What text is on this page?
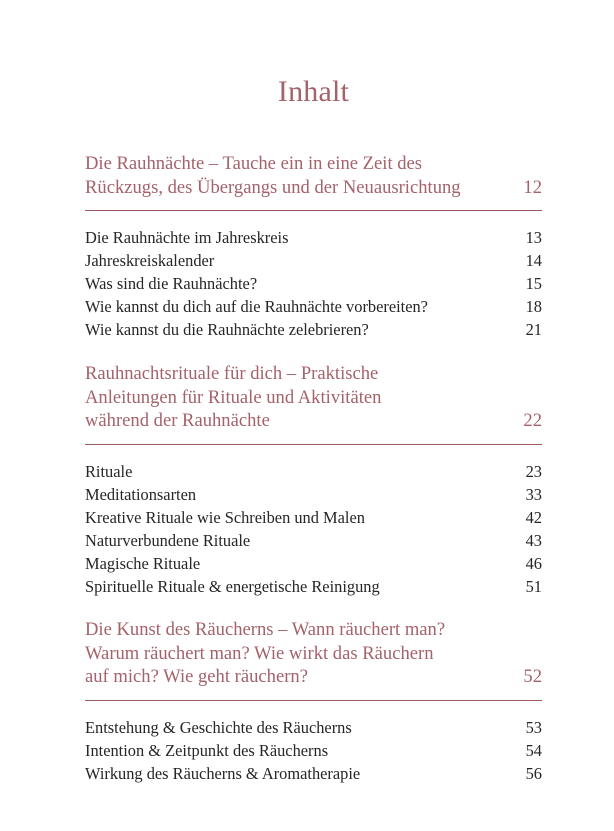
Inhalt
Die Rauhnächte – Tauche ein in eine Zeit des
Rückzugs, des Übergangs und der Neuausrichtung	12
Die Rauhnächte im Jahreskreis	13
Jahreskreiskalender	14
Was sind die Rauhnächte?	15
Wie kannst du dich auf die Rauhnächte vorbereiten?	18
Wie kannst du die Rauhnächte zelebrieren?	21
Rauhnachtsrituale für dich – Praktische
Anleitungen für Rituale und Aktivitäten
während der Rauhnächte	22
Rituale	23
Meditationsarten	33
Kreative Rituale wie Schreiben und Malen	42
Naturverbundene Rituale	43
Magische Rituale	46
Spirituelle Rituale & energetische Reinigung	51
Die Kunst des Räucherns – Wann räuchert man?
Warum räuchert man? Wie wirkt das Räuchern
auf mich? Wie geht räuchern?	52
Entstehung & Geschichte des Räucherns	53
Intention & Zeitpunkt des Räucherns	54
Wirkung des Räucherns & Aromatherapie	56
